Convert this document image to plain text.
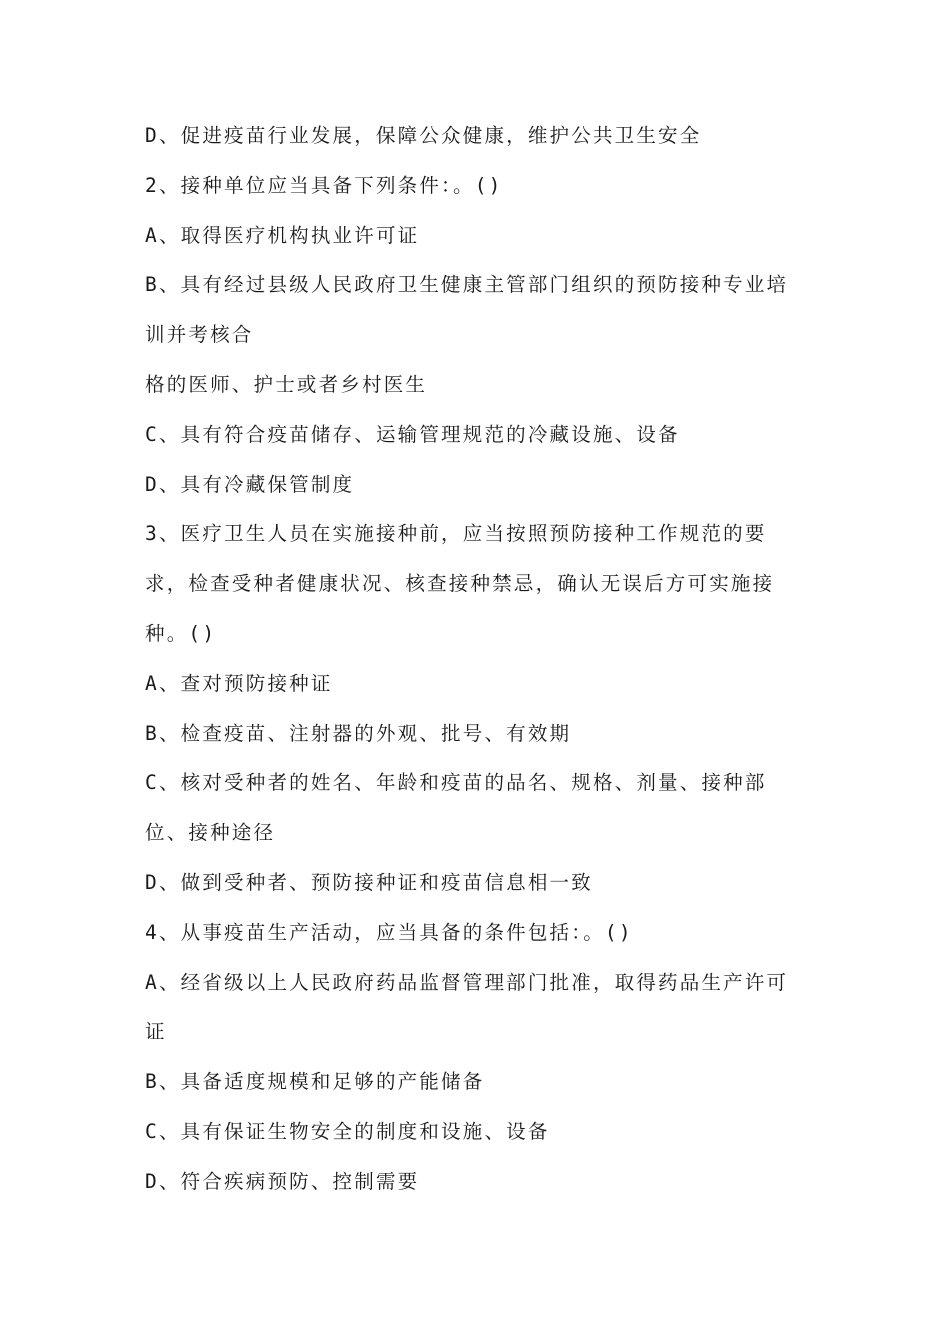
D、促进疫苗行业发展，保障公众健康，维护公共卫生安全
2、接种单位应当具备下列条件：。()
A、取得医疗机构执业许可证
B、具有经过县级人民政府卫生健康主管部门组织的预防接种专业培
训并考核合
格的医师、护士或者乡村医生
C、具有符合疫苗储存、运输管理规范的冷藏设施、设备
D、具有冷藏保管制度
3、医疗卫生人员在实施接种前，应当按照预防接种工作规范的要
求，检查受种者健康状况、核查接种禁忌，确认无误后方可实施接
种。()
A、查对预防接种证
B、检查疫苗、注射器的外观、批号、有效期
C、核对受种者的姓名、年龄和疫苗的品名、规格、剂量、接种部
位、接种途径
D、做到受种者、预防接种证和疫苗信息相一致
4、从事疫苗生产活动，应当具备的条件包括：。()
A、经省级以上人民政府药品监督管理部门批准，取得药品生产许可
证
B、具备适度规模和足够的产能储备
C、具有保证生物安全的制度和设施、设备
D、符合疾病预防、控制需要
